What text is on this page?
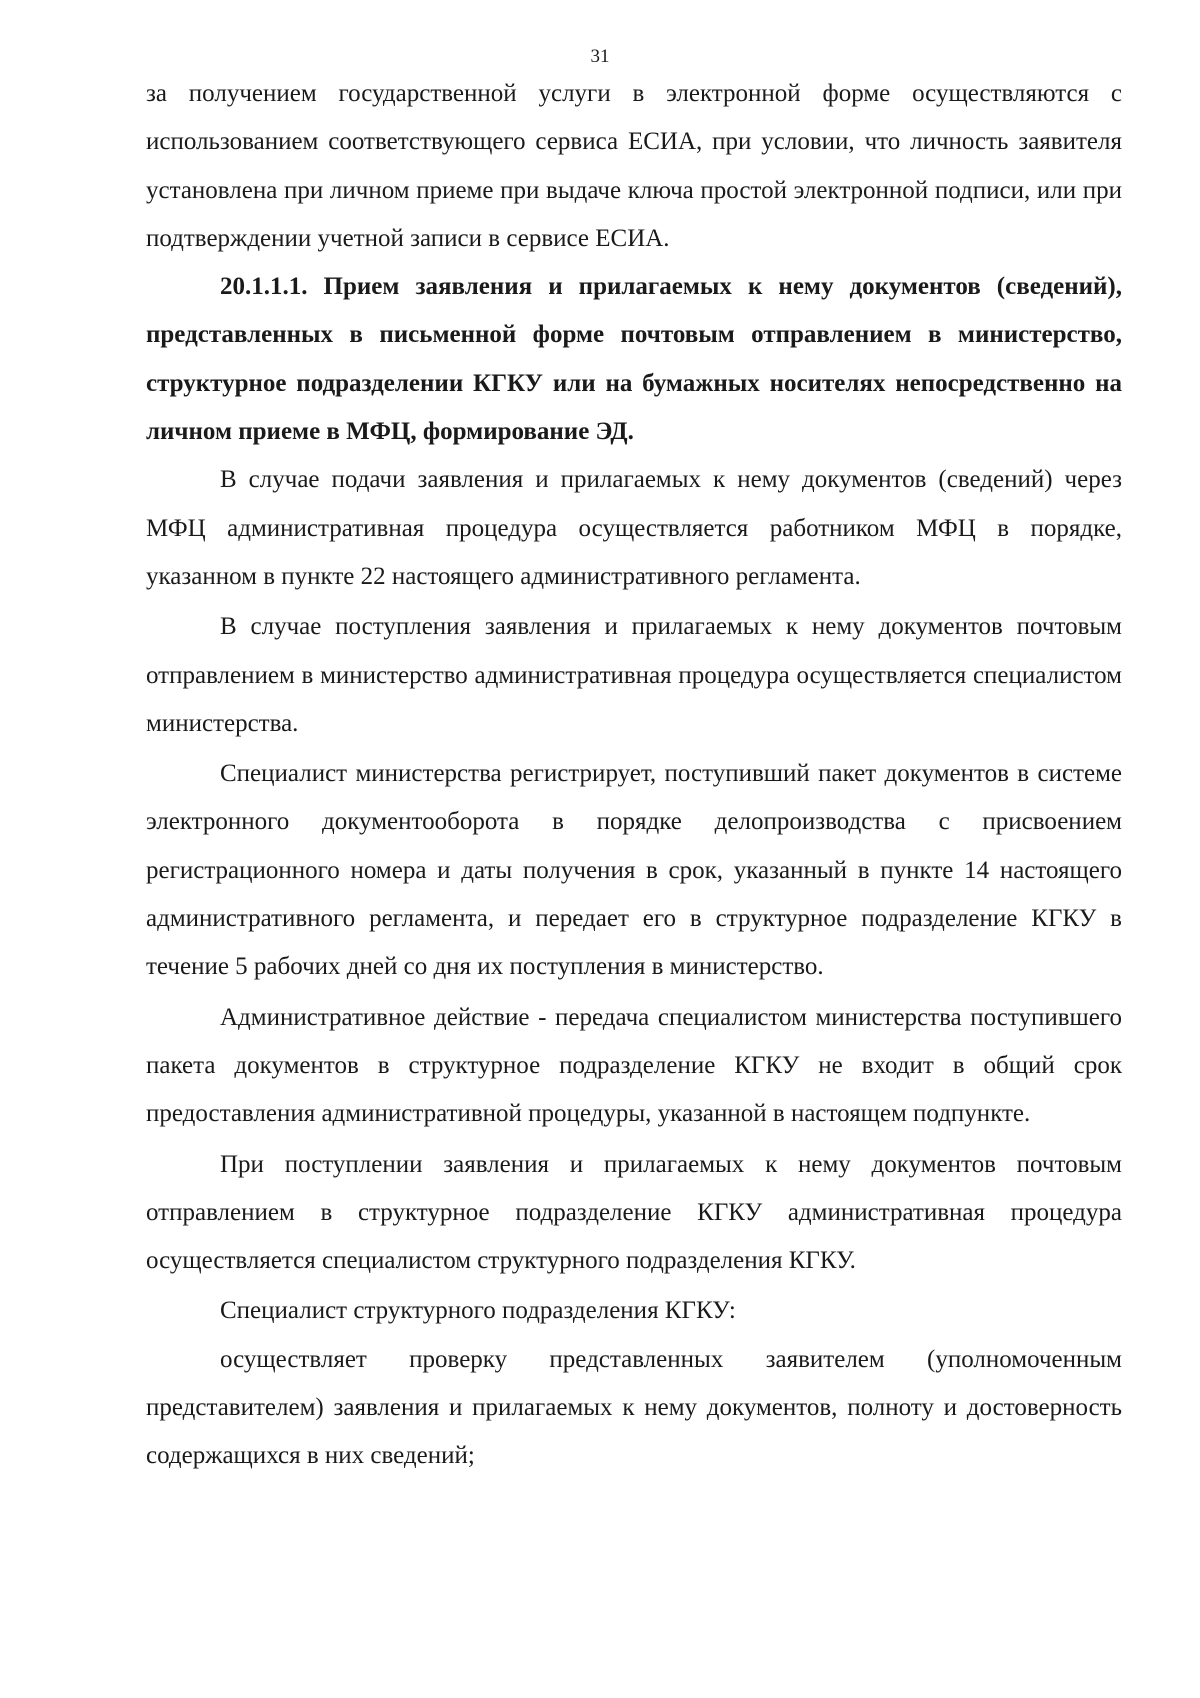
31

за получением государственной услуги в электронной форме осуществляются с использованием соответствующего сервиса ЕСИА, при условии, что личность заявителя установлена при личном приеме при выдаче ключа простой электронной подписи, или при подтверждении учетной записи в сервисе ЕСИА.

20.1.1.1. Прием заявления и прилагаемых к нему документов (сведений), представленных в письменной форме почтовым отправлением в министерство, структурное подразделении КГКУ или на бумажных носителях непосредственно на личном приеме в МФЦ, формирование ЭД.

В случае подачи заявления и прилагаемых к нему документов (сведений) через МФЦ административная процедура осуществляется работником МФЦ в порядке, указанном в пункте 22 настоящего административного регламента.

В случае поступления заявления и прилагаемых к нему документов почтовым отправлением в министерство административная процедура осуществляется специалистом министерства.

Специалист министерства регистрирует, поступивший пакет документов в системе электронного документооборота в порядке делопроизводства с присвоением регистрационного номера и даты получения в срок, указанный в пункте 14 настоящего административного регламента, и передает его в структурное подразделение КГКУ в течение 5 рабочих дней со дня их поступления в министерство.

Административное действие - передача специалистом министерства поступившего пакета документов в структурное подразделение КГКУ не входит в общий срок предоставления административной процедуры, указанной в настоящем подпункте.

При поступлении заявления и прилагаемых к нему документов почтовым отправлением в структурное подразделение КГКУ административная процедура осуществляется специалистом структурного подразделения КГКУ.

Специалист структурного подразделения КГКУ:

осуществляет проверку представленных заявителем (уполномоченным представителем) заявления и прилагаемых к нему документов, полноту и достоверность содержащихся в них сведений;
